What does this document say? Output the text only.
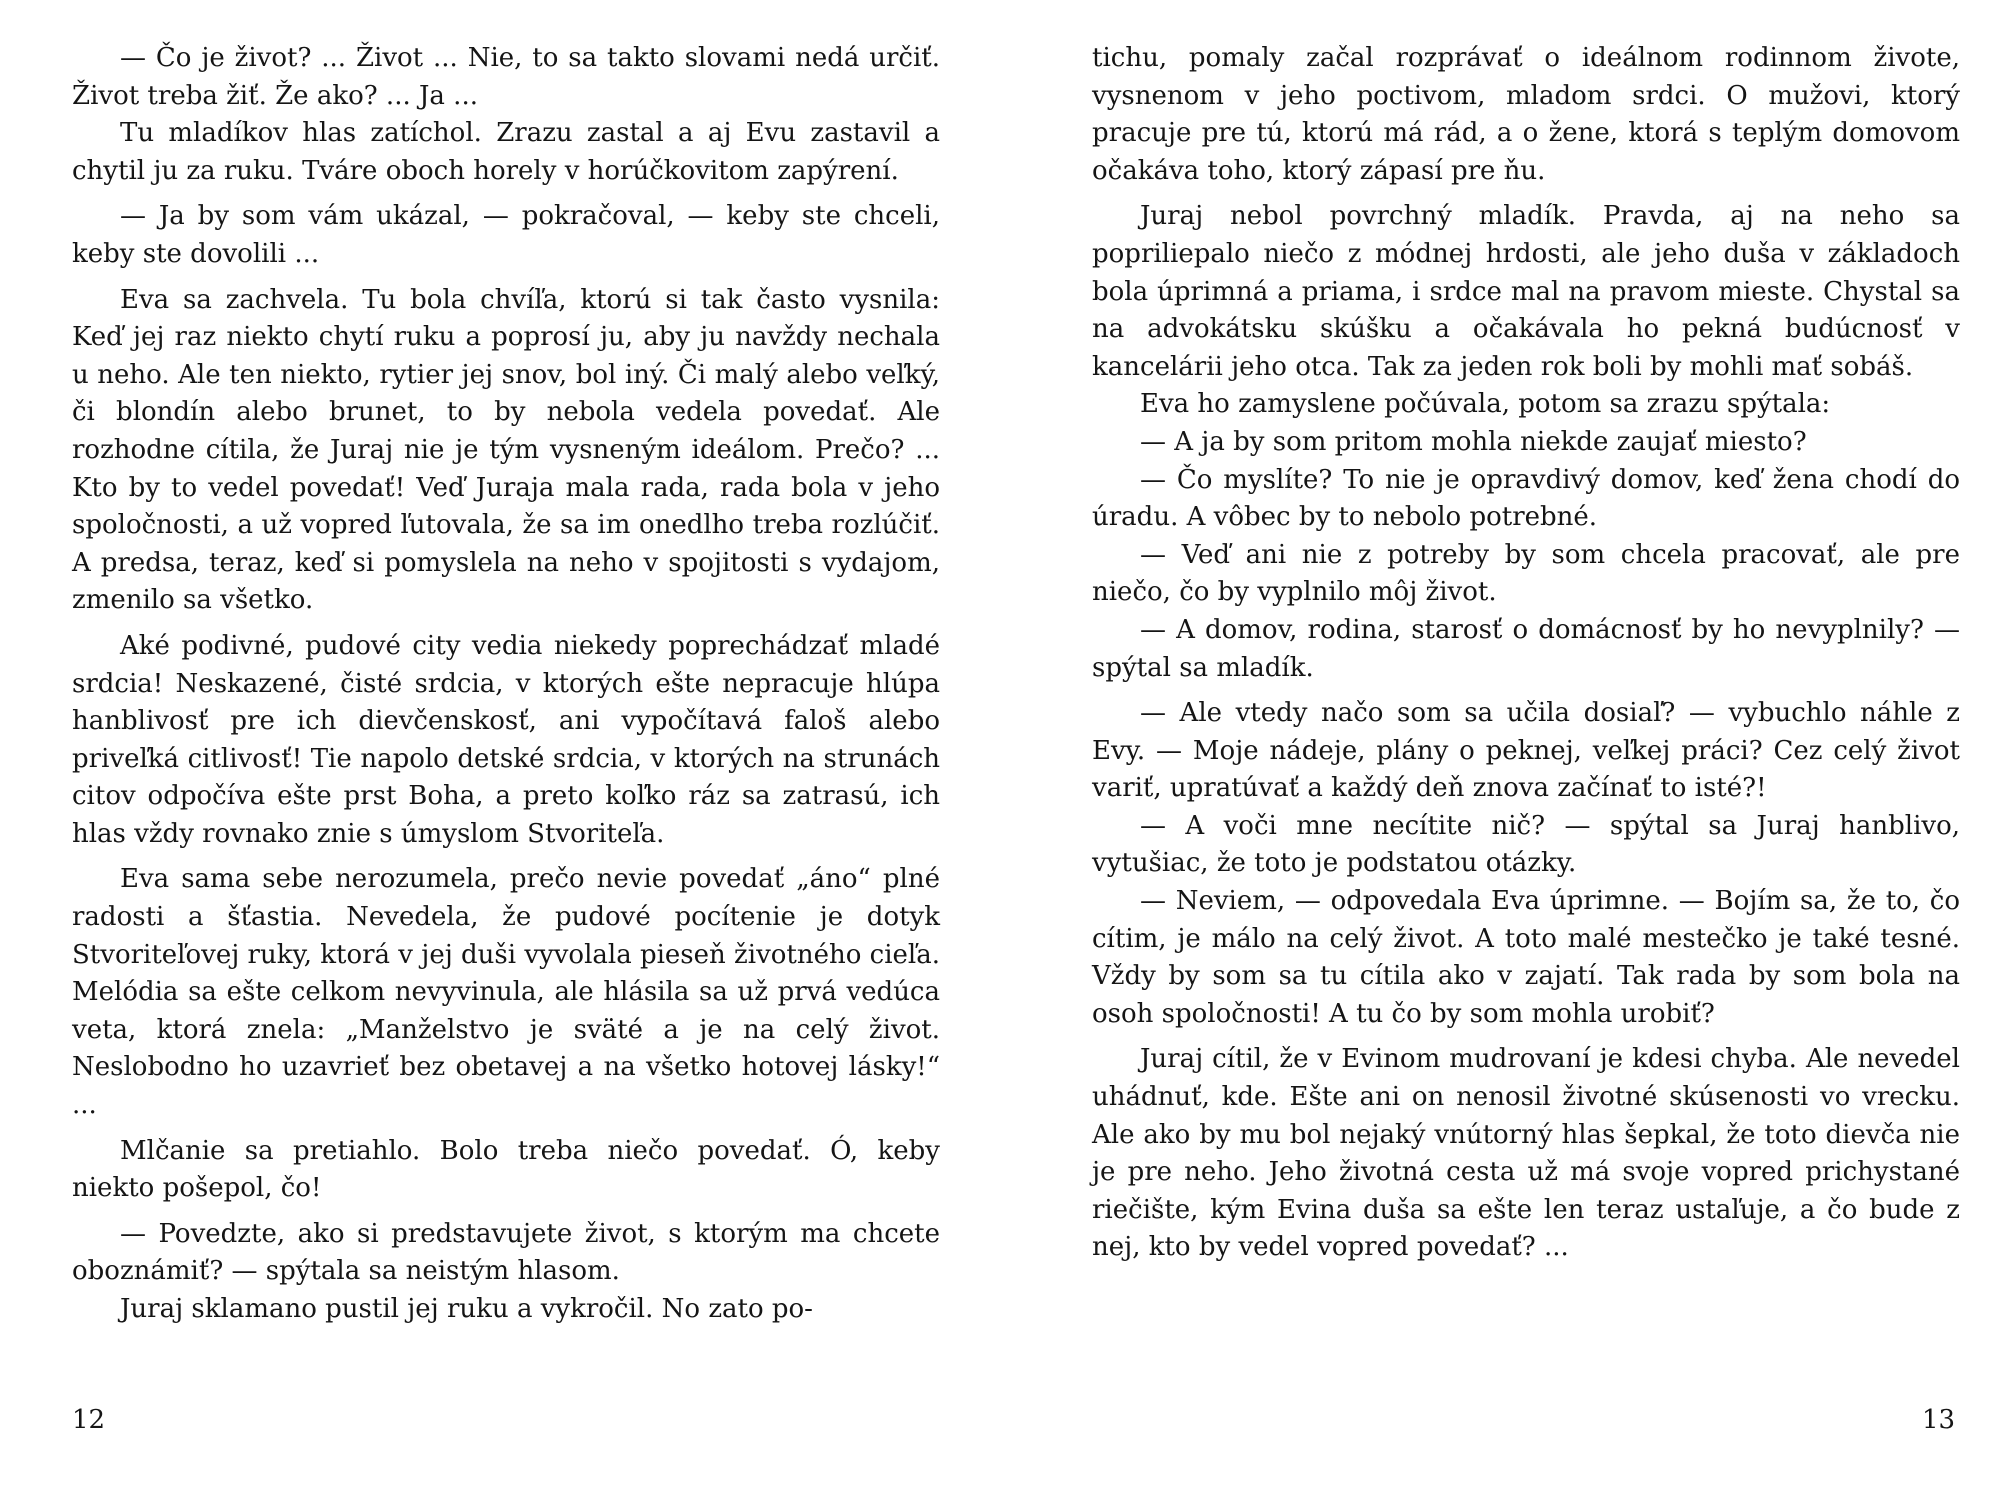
— Čo je život? ... Život ... Nie, to sa takto slovami nedá určiť. Život treba žiť. Že ako? ... Ja ...

Tu mladíkov hlas zatíchol. Zrazu zastal a aj Evu zastavil a chytil ju za ruku. Tváre oboch horely v horúčkovitom zapýrení.

— Ja by som vám ukázal, — pokračoval, — keby ste chceli, keby ste dovolili ...

Eva sa zachvela. Tu bola chvíľa, ktorú si tak často vysnila: Keď jej raz niekto chytí ruku a poprosí ju, aby ju navždy nechala u neho. Ale ten niekto, rytier jej snov, bol iný. Či malý alebo veľký, či blondín alebo brunet, to by nebola vedela povedať. Ale rozhodne cítila, že Juraj nie je tým vysneným ideálom. Prečo? ... Kto by to vedel povedať! Veď Juraja mala rada, rada bola v jeho spoločnosti, a už vopred ľutovala, že sa im onedlho treba rozlúčiť. A predsa, teraz, keď si pomyslela na neho v spojitosti s vydajom, zmenilo sa všetko.

Aké podivné, pudové city vedia niekedy poprechádzať mladé srdcia! Neskazené, čisté srdcia, v ktorých ešte nepracuje hlúpa hanblivosť pre ich dievčenskosť, ani vypočítavá faloš alebo priveľká citlivosť! Tie napolo detské srdcia, v ktorých na strunách citov odpočíva ešte prst Boha, a preto koľko ráz sa zatrasú, ich hlas vždy rovnako znie s úmyslom Stvoriteľa.

Eva sama sebe nerozumela, prečo nevie povedať „áno“ plné radosti a šťastia. Nevedela, že pudové pocítenie je dotyk Stvoriteľovej ruky, ktorá v jej duši vyvolala pieseň životného cieľa. Melódia sa ešte celkom nevyvinula, ale hlásila sa už prvá vedúca veta, ktorá znela: „Manželstvo je sväté a je na celý život. Neslobodno ho uzavrieť bez obetavej a na všetko hotovej lásky!“ ...

Mlčanie sa pretiahlo. Bolo treba niečo povedať. Ó, keby niekto pošepol, čo!

— Povedzte, ako si predstavujete život, s ktorým ma chcete oboznámiť? — spýtala sa neistým hlasom.

Juraj sklamano pustil jej ruku a vykročil. No zato po-

tichu, pomaly začal rozprávať o ideálnom rodinnom živote, vysnenom v jeho poctivom, mladom srdci. O mužovi, ktorý pracuje pre tú, ktorú má rád, a o žene, ktorá s teplým domovom očakáva toho, ktorý zápasí pre ňu.

Juraj nebol povrchný mladík. Pravda, aj na neho sa popriliepalo niečo z módnej hrdosti, ale jeho duša v základoch bola úprimná a priama, i srdce mal na pravom mieste. Chystal sa na advokátsku skúšku a očakávala ho pekná budúcnosť v kancelárii jeho otca. Tak za jeden rok boli by mohli mať sobáš.

Eva ho zamyslene počúvala, potom sa zrazu spýtala:

— A ja by som pritom mohla niekde zaujať miesto?

— Čo myslíte? To nie je opravdivý domov, keď žena chodí do úradu. A vôbec by to nebolo potrebné.

— Veď ani nie z potreby by som chcela pracovať, ale pre niečo, čo by vyplnilo môj život.

— A domov, rodina, starosť o domácnosť by ho nevyplnily? — spýtal sa mladík.

— Ale vtedy načo som sa učila dosiaľ? — vybuchlo náhle z Evy. — Moje nádeje, plány o peknej, veľkej práci? Cez celý život variť, upratúvať a každý deň znova začínať to isté?!

— A voči mne necítite nič? — spýtal sa Juraj hanblivo, vytušiac, že toto je podstatou otázky.

— Neviem, — odpovedala Eva úprimne. — Bojím sa, že to, čo cítim, je málo na celý život. A toto malé mestečko je také tesné. Vždy by som sa tu cítila ako v zajatí. Tak rada by som bola na osoh spoločnosti! A tu čo by som mohla urobiť?

Juraj cítil, že v Evinom mudrovaní je kdesi chyba. Ale nevedel uhádnuť, kde. Ešte ani on nenosil životné skúsenosti vo vrecku. Ale ako by mu bol nejaký vnútorný hlas šepkal, že toto dievča nie je pre neho. Jeho životná cesta už má svoje vopred prichystané riečište, kým Evina duša sa ešte len teraz ustaľuje, a čo bude z nej, kto by vedel vopred povedať? ...

12	13
